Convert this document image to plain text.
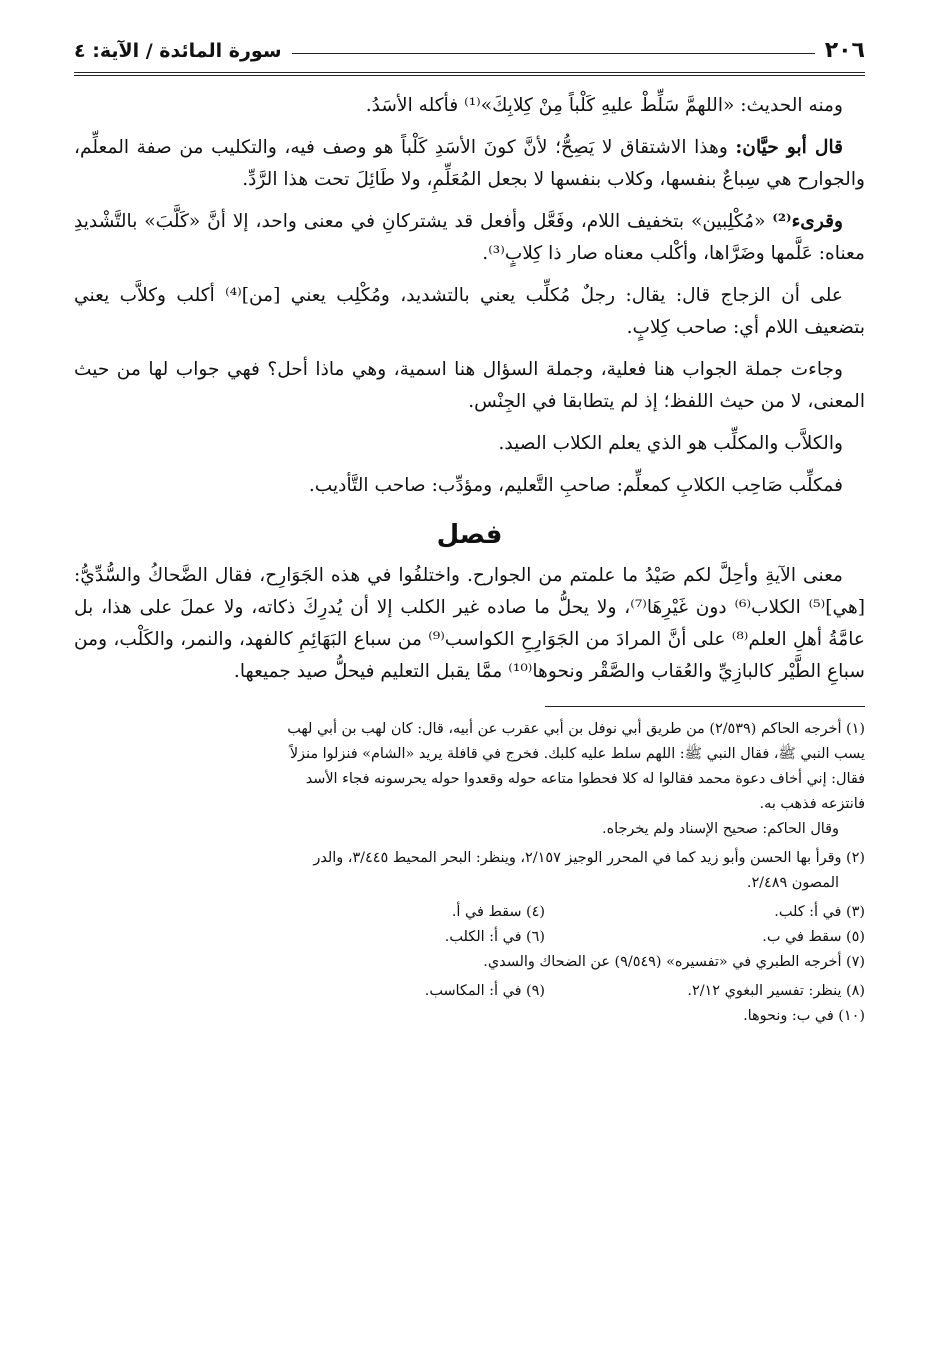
٢٠٦
سورة المائدة / الآية: ٤

ومنه الحديث: «اللهمَّ سَلِّطْ عليهِ كَلْباً مِنْ كِلابِكَ»⁽¹⁾ فأكله الأسَدُ.

قال أبو حيَّان: وهذا الاشتقاق لا يَصِحُّ؛ لأنَّ كونَ الأسَدِ كَلْباً هو وصف فيه، والتكليب من صفة المعلِّم، والجوارح هي سِباعٌ بنفسها، وكلاب بنفسها لا بجعل المُعَلِّمِ، ولا طَائِلَ تحت هذا الرَّدِّ.

وقرىء⁽²⁾ «مُكْلِبين» بتخفيف اللام، وفَعَّل وأفعل قد يشتركانِ في معنى واحد، إلا أنَّ «كَلَّبَ» بالتَّشْديدِ معناه: عَلَّمها وضَرَّاها، وأكْلب معناه صار ذا كِلابٍ⁽³⁾.

على أن الزجاج قال: يقال: رجلٌ مُكلِّب يعني بالتشديد، ومُكْلِب يعني [من]⁽⁴⁾ أكلب وكلاَّب يعني بتضعيف اللام أي: صاحب كِلابٍ.

وجاءت جملة الجواب هنا فعلية، وجملة السؤال هنا اسمية، وهي ماذا أحل؟ فهي جواب لها من حيث المعنى، لا من حيث اللفظ؛ إذ لم يتطابقا في الجِنْس.

والكلاَّب والمكلِّب هو الذي يعلم الكلاب الصيد.

فمكلِّب صَاحِب الكلابِ كمعلِّم: صاحبِ التَّعليم، ومؤدِّب: صاحب التَّأديب.

فصل

معنى الآيةِ وأحِلَّ لكم صَيْدُ ما علمتم من الجوارح. واختلفُوا في هذه الجَوَارِح، فقال الضَّحاكُ والسُّدِّيُّ: [هي]⁽⁵⁾ الكلاب⁽⁶⁾ دون غَيْرِهَا⁽⁷⁾، ولا يحلُّ ما صاده غير الكلب إلا أن يُدرِكَ ذكاته، ولا عملَ على هذا، بل عامَّةُ أهلِ العلم⁽⁸⁾ على أنَّ المرادَ من الجَوَارِحِ الكواسب⁽⁹⁾ من سباع البَهَائِمِ كالفهد، والنمر، والكَلْب، ومن سباعِ الطَّيْر كالبازِيِّ والعُقاب والصَّقْر ونحوها⁽¹⁰⁾ ممَّا يقبل التعليم فيحلُّ صيد جميعها.

(١) أخرجه الحاكم (٢/٥٣٩) من طريق أبي نوفل بن أبي عقرب عن أبيه، قال: كان لهب بن أبي لهب

يسب النبي ﷺ، فقال النبي ﷺ: اللهم سلط عليه كلبك. فخرج في قافلة يريد «الشام» فنزلوا منزلاً

فقال: إني أخاف دعوة محمد فقالوا له كلا فحطوا متاعه حوله وقعدوا حوله يحرسونه فجاء الأسد

فانتزعه فذهب به.

وقال الحاكم: صحيح الإسناد ولم يخرجاه.

(٢) وقرأ بها الحسن وأبو زيد كما في المحرر الوجيز ٢/١٥٧، وينظر: البحر المحيط ٣/٤٤٥، والدر

المصون ٢/٤٨٩.

(٣) في أ: كلب.
(٤) سقط في أ.
(٥) سقط في ب.
(٦) في أ: الكلب.
(٧) أخرجه الطبري في «تفسيره» (٩/٥٤٩) عن الضحاك والسدي.
(٨) ينظر: تفسير البغوي ٢/١٢.
(٩) في أ: المكاسب.
(١٠) في ب: ونحوها.
